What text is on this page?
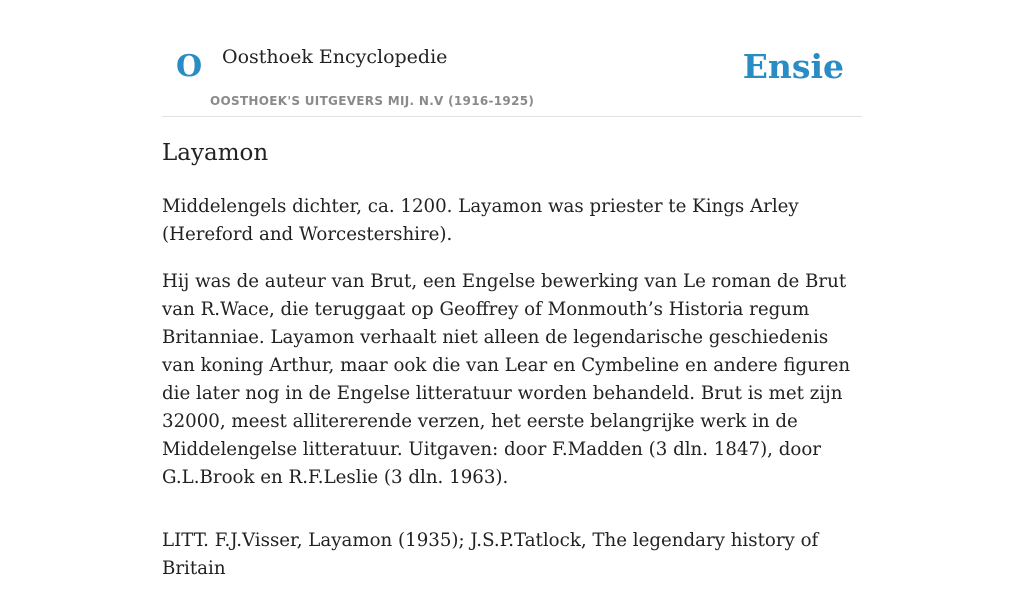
O Oosthoek Encyclopedie
OOSTHOEK'S UITGEVERS MIJ. N.V (1916-1925)
Ensie
Layamon

Middelengels dichter, ca. 1200. Layamon was priester te Kings Arley (Hereford and Worcestershire).

Hij was de auteur van Brut, een Engelse bewerking van Le roman de Brut van R.Wace, die teruggaat op Geoffrey of Monmouth’s Historia regum Britanniae. Layamon verhaalt niet alleen de legendarische geschiedenis van koning Arthur, maar ook die van Lear en Cymbeline en andere figuren die later nog in de Engelse litteratuur worden behandeld. Brut is met zijn 32000, meest allitererende verzen, het eerste belangrijke werk in de Middelengelse litteratuur. Uitgaven: door F.Madden (3 dln. 1847), door G.L.Brook en R.F.Leslie (3 dln. 1963).

LITT. F.J.Visser, Layamon (1935); J.S.P.Tatlock, The legendary history of Britain
